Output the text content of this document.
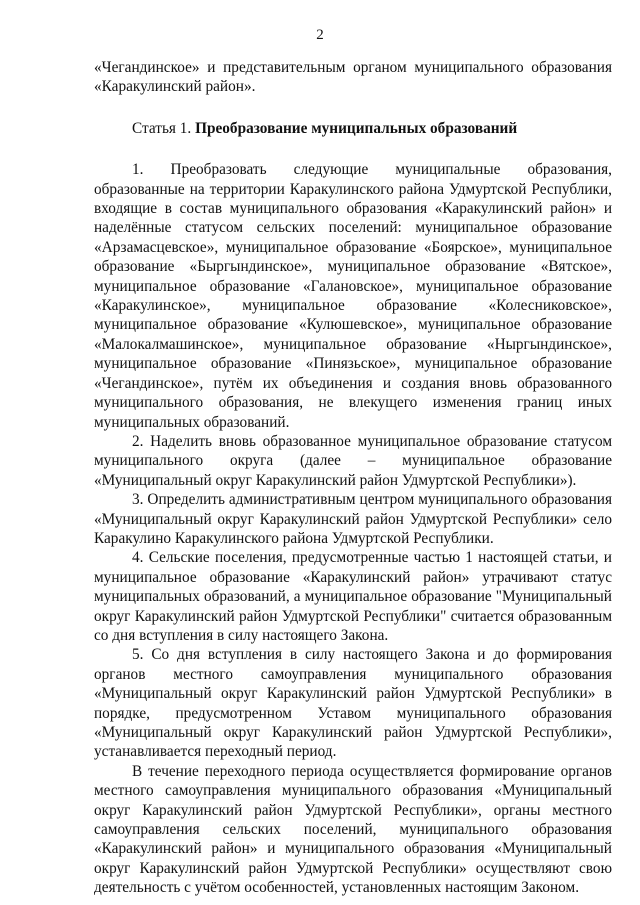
2

«Чегандинское» и представительным органом муниципального образования «Каракулинский район».

Статья 1. Преобразование муниципальных образований

1. Преобразовать следующие муниципальные образования, образованные на территории Каракулинского района Удмуртской Республики, входящие в состав муниципального образования «Каракулинский район» и наделённые статусом сельских поселений: муниципальное образование «Арзамасцевское», муниципальное образование «Боярское», муниципальное образование «Быргындинское», муниципальное образование «Вятское», муниципальное образование «Галановское», муниципальное образование «Каракулинское», муниципальное образование «Колесниковское», муниципальное образование «Кулюшевское», муниципальное образование «Малокалмашинское», муниципальное образование «Ныргындинское», муниципальное образование «Пинязьское», муниципальное образование «Чегандинское», путём их объединения и создания вновь образованного муниципального образования, не влекущего изменения границ иных муниципальных образований.

2. Наделить вновь образованное муниципальное образование статусом муниципального округа (далее – муниципальное образование «Муниципальный округ Каракулинский район Удмуртской Республики»).

3. Определить административным центром муниципального образования «Муниципальный округ Каракулинский район Удмуртской Республики» село Каракулино Каракулинского района Удмуртской Республики.

4. Сельские поселения, предусмотренные частью 1 настоящей статьи, и муниципальное образование «Каракулинский район» утрачивают статус муниципальных образований, а муниципальное образование "Муниципальный округ Каракулинский район Удмуртской Республики" считается образованным со дня вступления в силу настоящего Закона.

5. Со дня вступления в силу настоящего Закона и до формирования органов местного самоуправления муниципального образования «Муниципальный округ Каракулинский район Удмуртской Республики» в порядке, предусмотренном Уставом муниципального образования «Муниципальный округ Каракулинский район Удмуртской Республики», устанавливается переходный период.

В течение переходного периода осуществляется формирование органов местного самоуправления муниципального образования «Муниципальный округ Каракулинский район Удмуртской Республики», органы местного самоуправления сельских поселений, муниципального образования «Каракулинский район» и муниципального образования «Муниципальный округ Каракулинский район Удмуртской Республики» осуществляют свою деятельность с учётом особенностей, установленных настоящим Законом.
